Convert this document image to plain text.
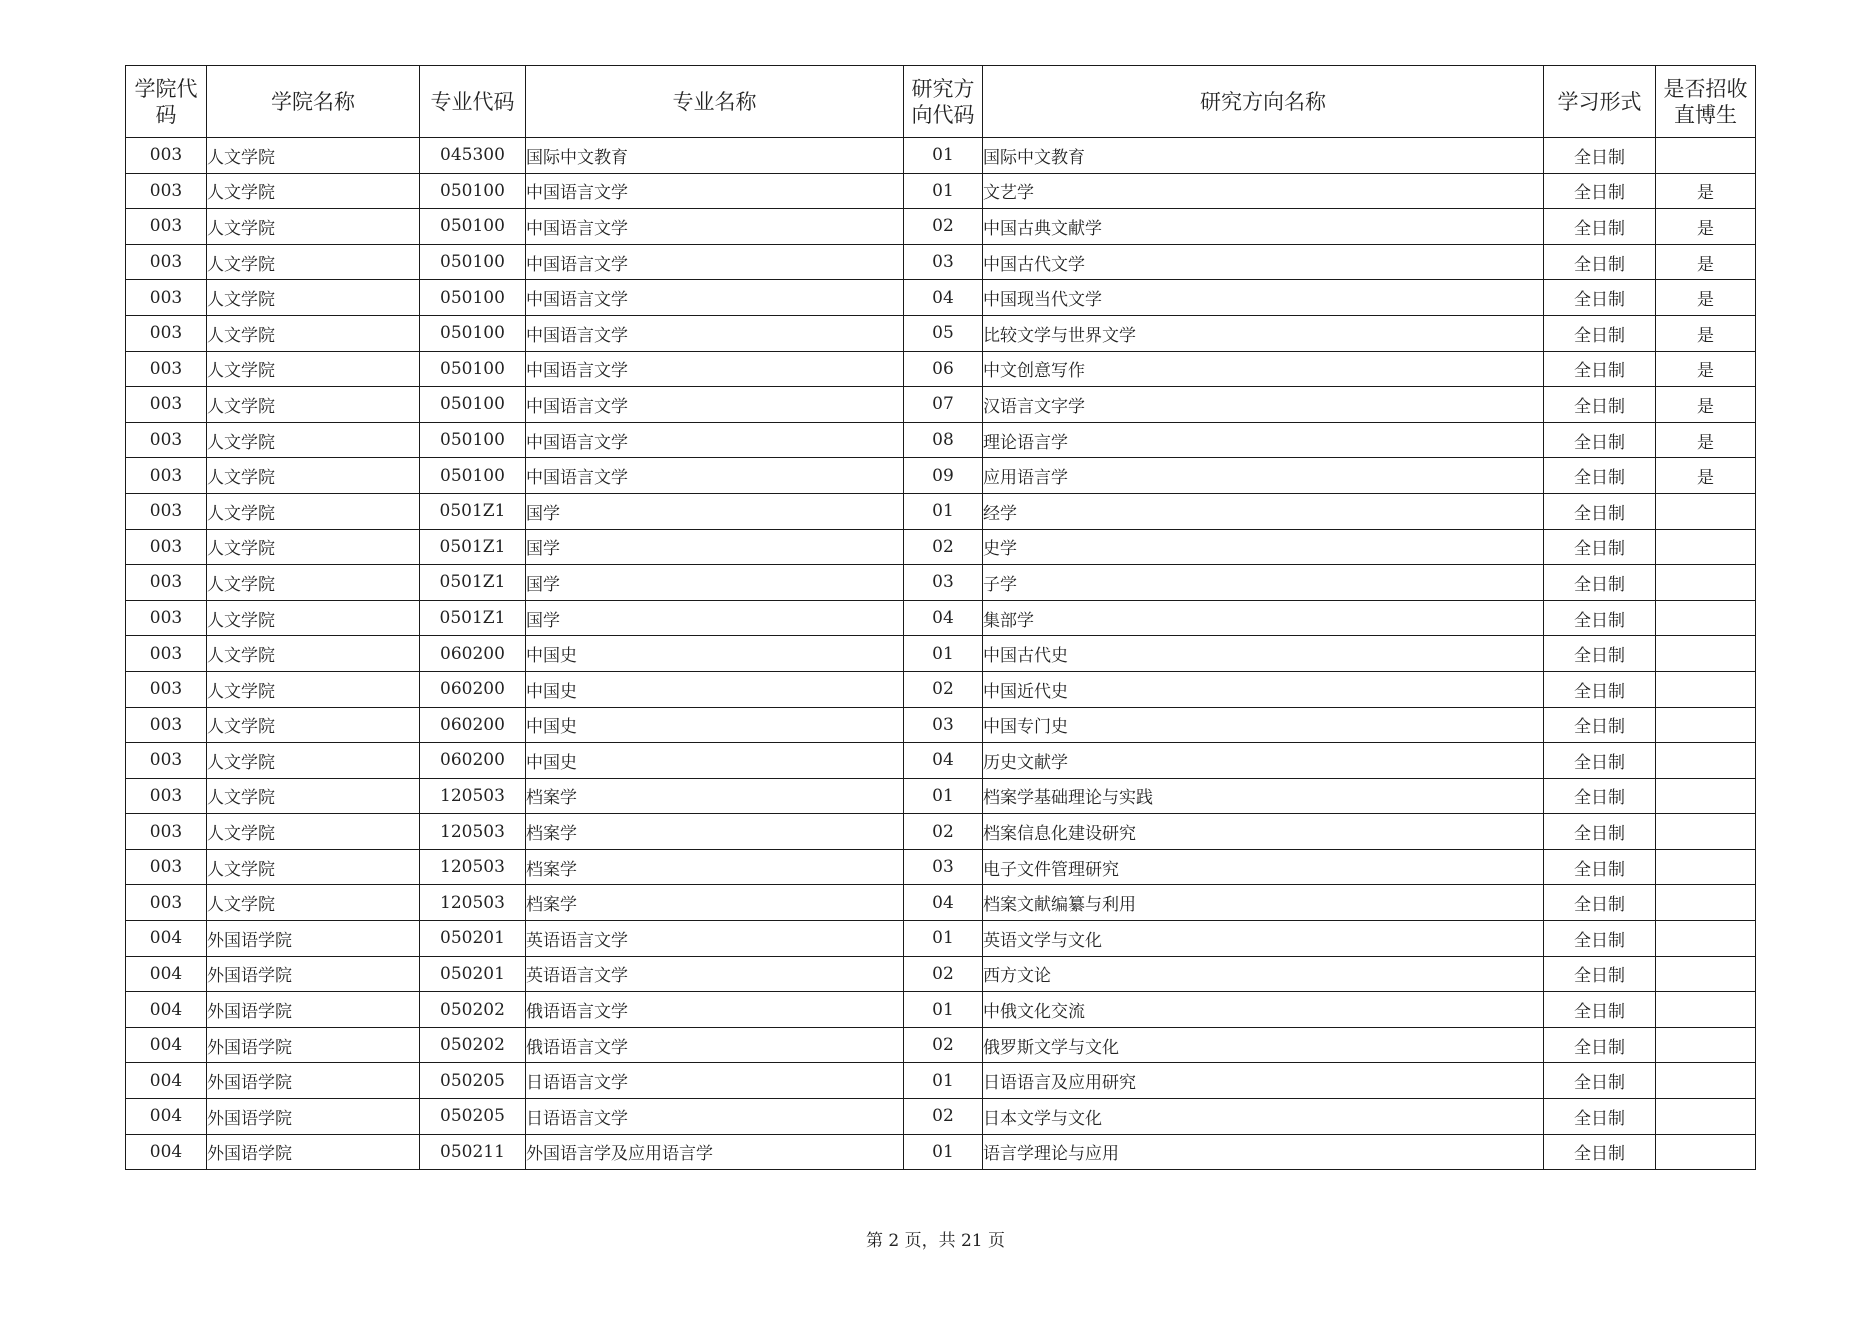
学院代码	学院名称	专业代码	专业名称	研究方向代码	研究方向名称	学习形式	是否招收直博生
003	人文学院	045300	国际中文教育	01	国际中文教育	全日制	
003	人文学院	050100	中国语言文学	01	文艺学	全日制	是
003	人文学院	050100	中国语言文学	02	中国古典文献学	全日制	是
003	人文学院	050100	中国语言文学	03	中国古代文学	全日制	是
003	人文学院	050100	中国语言文学	04	中国现当代文学	全日制	是
003	人文学院	050100	中国语言文学	05	比较文学与世界文学	全日制	是
003	人文学院	050100	中国语言文学	06	中文创意写作	全日制	是
003	人文学院	050100	中国语言文学	07	汉语言文字学	全日制	是
003	人文学院	050100	中国语言文学	08	理论语言学	全日制	是
003	人文学院	050100	中国语言文学	09	应用语言学	全日制	是
003	人文学院	0501Z1	国学	01	经学	全日制	
003	人文学院	0501Z1	国学	02	史学	全日制	
003	人文学院	0501Z1	国学	03	子学	全日制	
003	人文学院	0501Z1	国学	04	集部学	全日制	
003	人文学院	060200	中国史	01	中国古代史	全日制	
003	人文学院	060200	中国史	02	中国近代史	全日制	
003	人文学院	060200	中国史	03	中国专门史	全日制	
003	人文学院	060200	中国史	04	历史文献学	全日制	
003	人文学院	120503	档案学	01	档案学基础理论与实践	全日制	
003	人文学院	120503	档案学	02	档案信息化建设研究	全日制	
003	人文学院	120503	档案学	03	电子文件管理研究	全日制	
003	人文学院	120503	档案学	04	档案文献编纂与利用	全日制	
004	外国语学院	050201	英语语言文学	01	英语文学与文化	全日制	
004	外国语学院	050201	英语语言文学	02	西方文论	全日制	
004	外国语学院	050202	俄语语言文学	01	中俄文化交流	全日制	
004	外国语学院	050202	俄语语言文学	02	俄罗斯文学与文化	全日制	
004	外国语学院	050205	日语语言文学	01	日语语言及应用研究	全日制	
004	外国语学院	050205	日语语言文学	02	日本文学与文化	全日制	
004	外国语学院	050211	外国语言学及应用语言学	01	语言学理论与应用	全日制	
第 2 页，共 21 页
